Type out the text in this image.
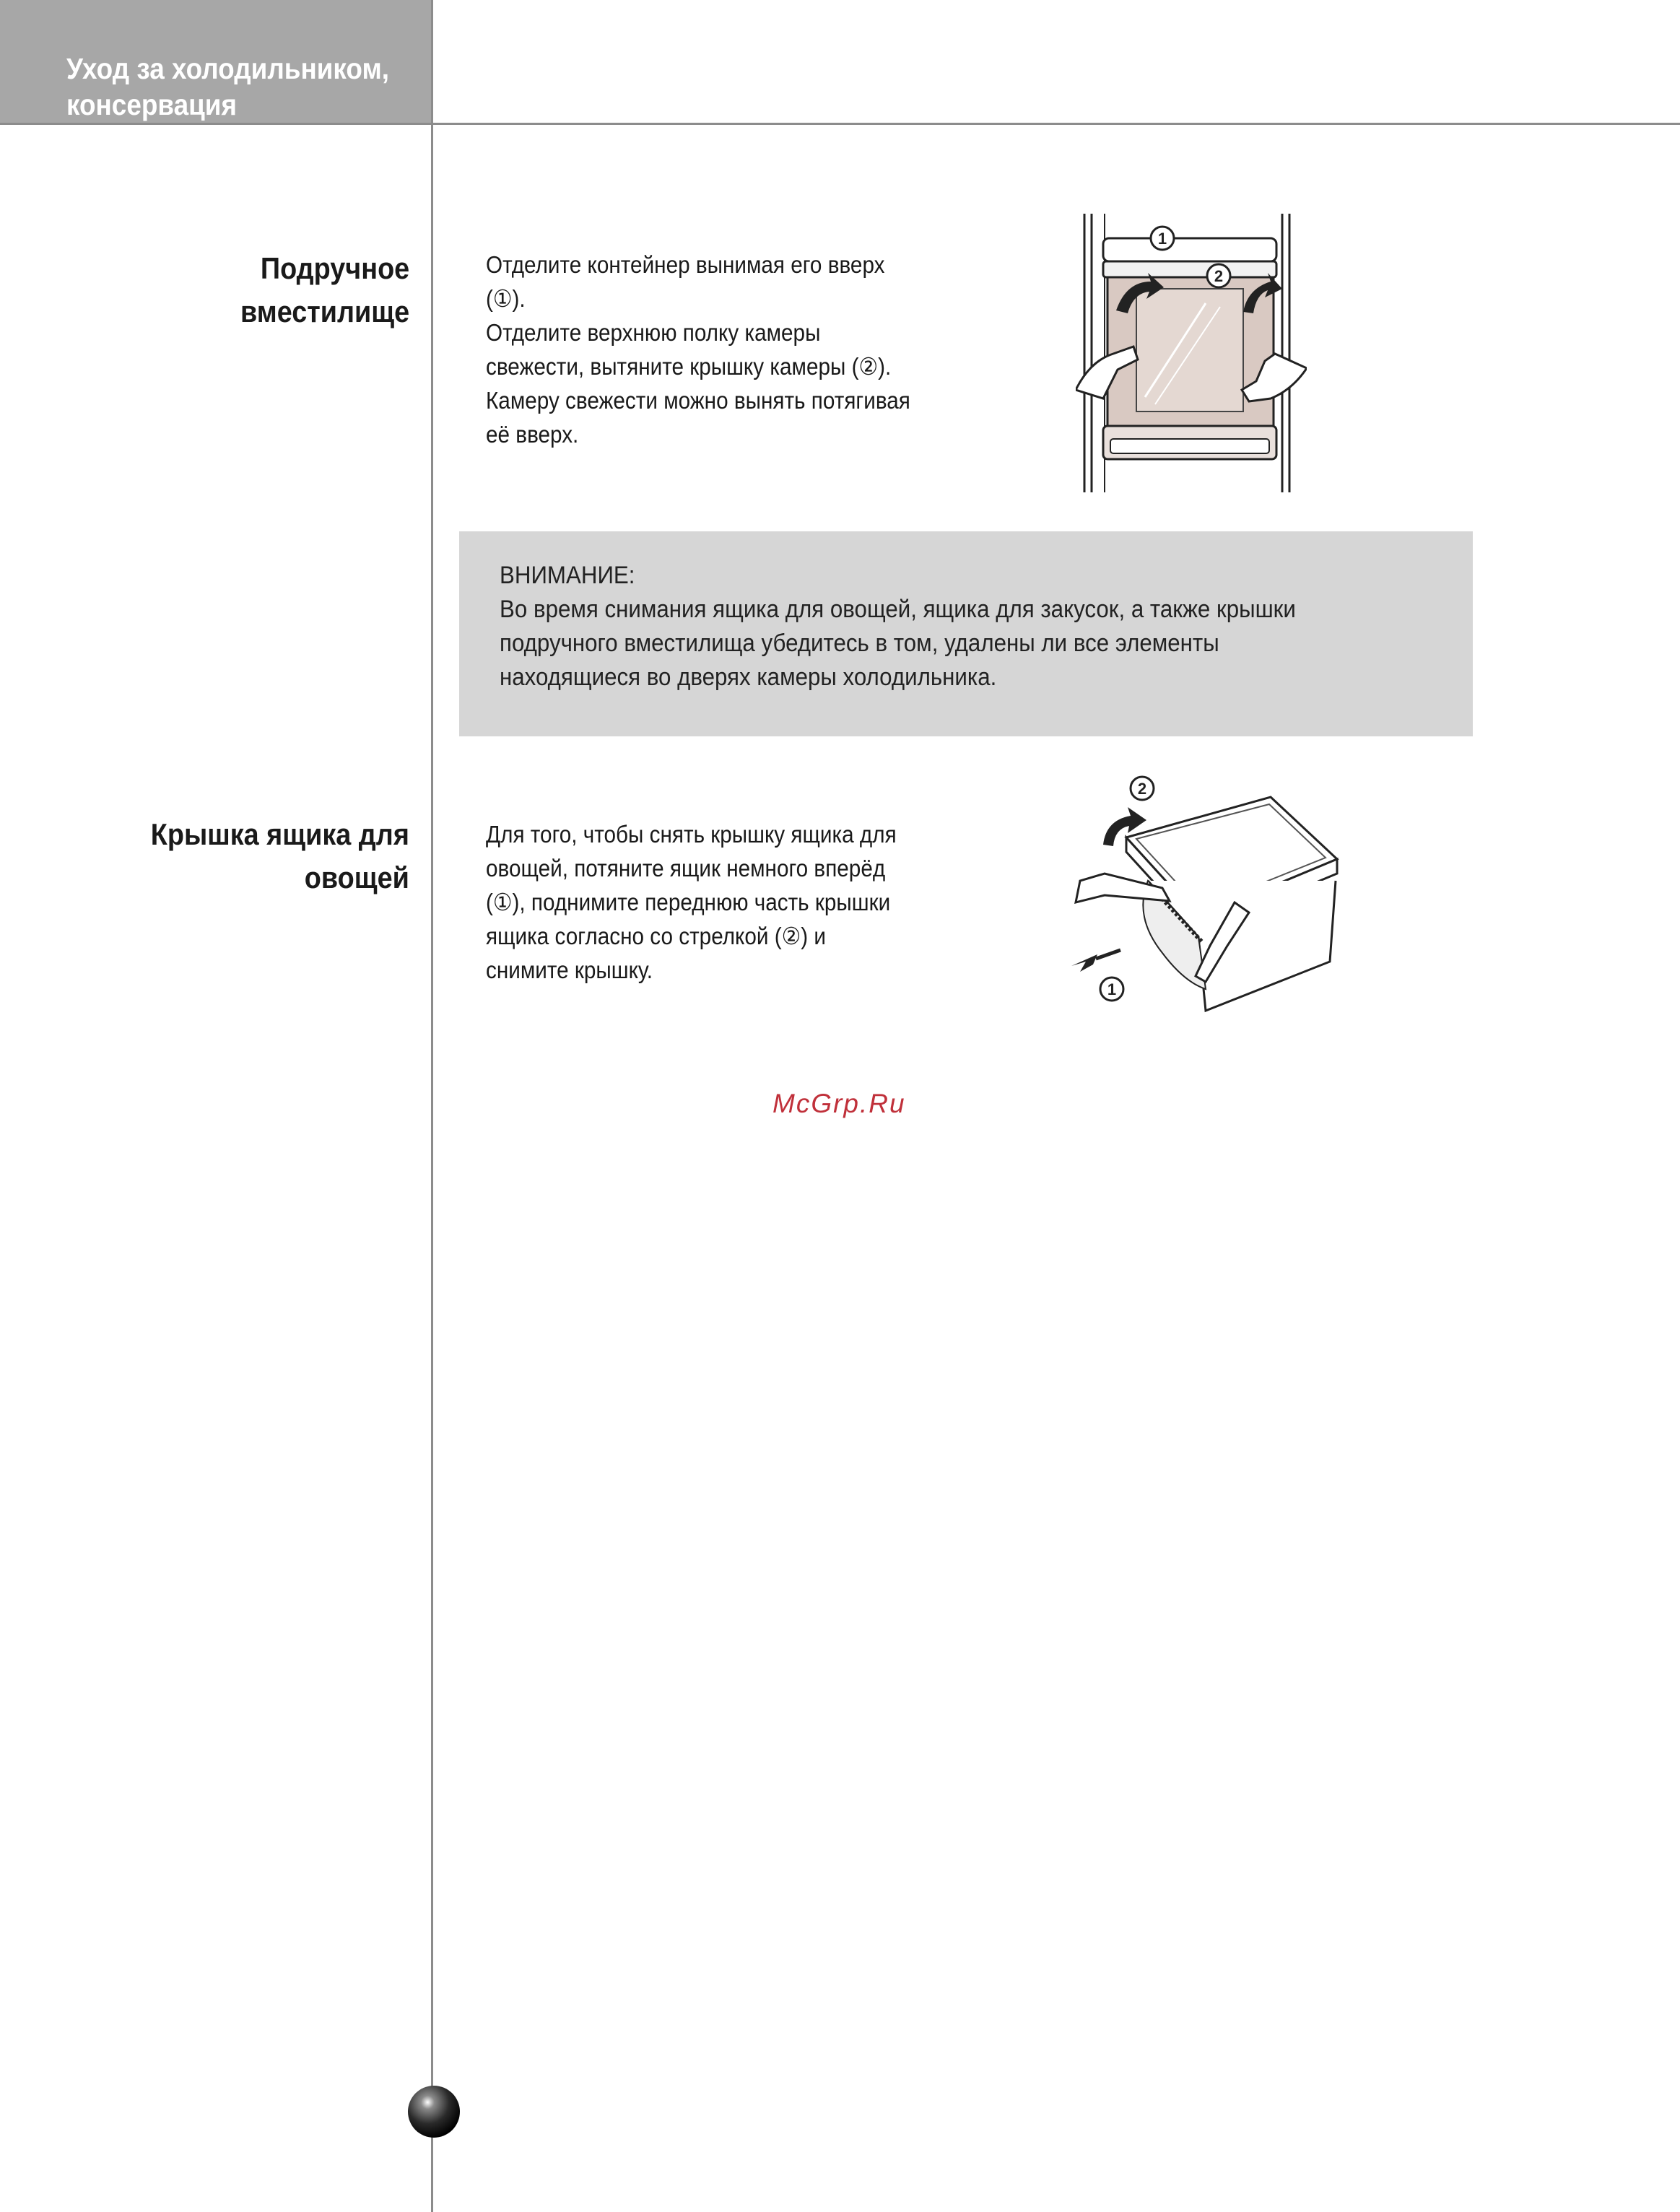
Уход за холодильником,
консервация
Подручное
вместилище
Отделите контейнер вынимая его вверх
(①).
Отделите верхнюю полку камеры
свежести, вытяните крышку камеры (②).
Камеру свежести можно вынять потягивая
её вверх.
1
2
ВНИМАНИЕ:
Во время снимания ящика для овощей, ящика для закусок, а также крышки
подручного вместилища убедитесь в том, удалены ли все элементы
находящиеся во дверях камеры холодильника.
Крышка ящика для
овощей
Для того, чтобы снять крышку ящика для
овощей, потяните ящик немного вперёд
(①), поднимите переднюю часть крышки
ящика согласно со стрелкой (②) и
снимите крышку.
2
1
McGrp.Ru
